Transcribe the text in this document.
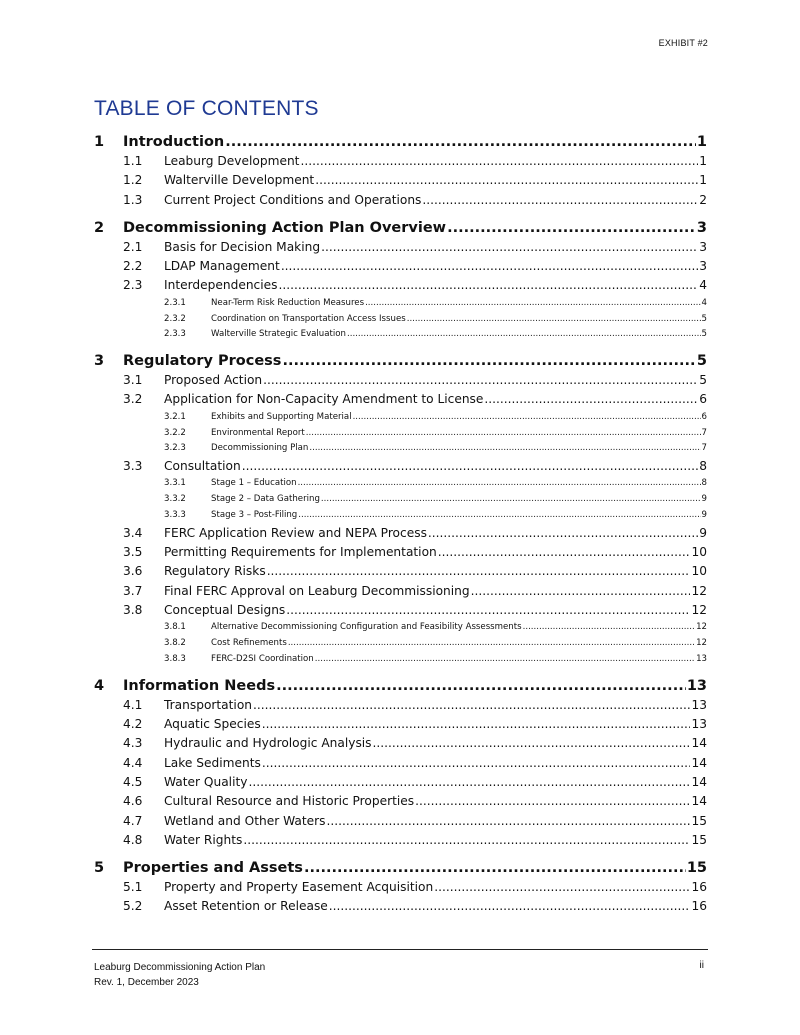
EXHIBIT #2
TABLE OF CONTENTS
1	Introduction .....	1
1.1	Leaburg Development .....	1
1.2	Walterville Development .....	1
1.3	Current Project Conditions and Operations .....	2
2	Decommissioning Action Plan Overview .....	3
2.1	Basis for Decision Making .....	3
2.2	LDAP Management .....	3
2.3	Interdependencies .....	4
2.3.1	Near-Term Risk Reduction Measures .....	4
2.3.2	Coordination on Transportation Access Issues .....	5
2.3.3	Walterville Strategic Evaluation .....	5
3	Regulatory Process .....	5
3.1	Proposed Action .....	5
3.2	Application for Non-Capacity Amendment to License .....	6
3.2.1	Exhibits and Supporting Material .....	6
3.2.2	Environmental Report .....	7
3.2.3	Decommissioning Plan .....	7
3.3	Consultation .....	8
3.3.1	Stage 1 – Education .....	8
3.3.2	Stage 2 – Data Gathering .....	9
3.3.3	Stage 3 – Post-Filing .....	9
3.4	FERC Application Review and NEPA Process .....	9
3.5	Permitting Requirements for Implementation .....	10
3.6	Regulatory Risks .....	10
3.7	Final FERC Approval on Leaburg Decommissioning .....	12
3.8	Conceptual Designs .....	12
3.8.1	Alternative Decommissioning Configuration and Feasibility Assessments .....	12
3.8.2	Cost Refinements .....	12
3.8.3	FERC-D2SI Coordination .....	13
4	Information Needs .....	13
4.1	Transportation .....	13
4.2	Aquatic Species .....	13
4.3	Hydraulic and Hydrologic Analysis .....	14
4.4	Lake Sediments .....	14
4.5	Water Quality .....	14
4.6	Cultural Resource and Historic Properties .....	14
4.7	Wetland and Other Waters .....	15
4.8	Water Rights .....	15
5	Properties and Assets .....	15
5.1	Property and Property Easement Acquisition .....	16
5.2	Asset Retention or Release .....	16
Leaburg Decommissioning Action Plan
Rev. 1, December 2023
ii
